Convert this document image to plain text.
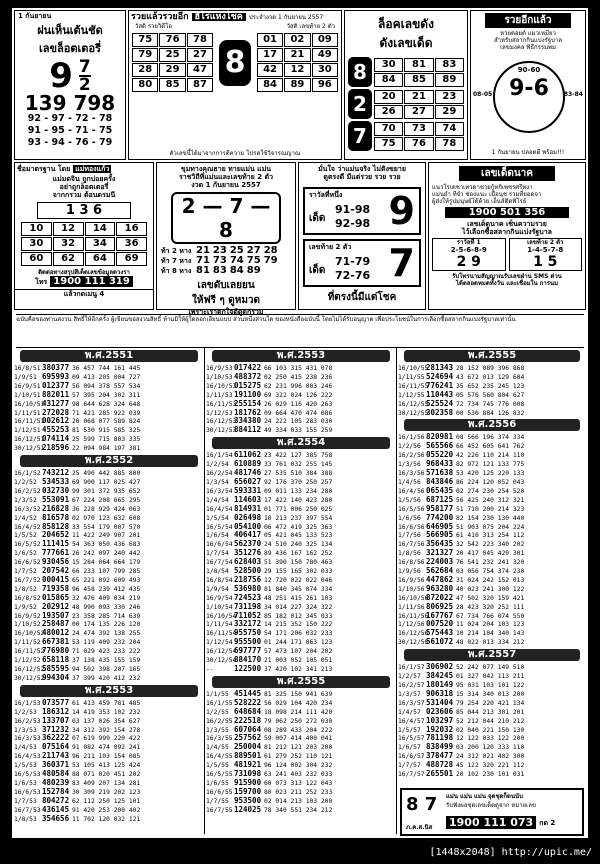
1 กันยายน
ฝนเห็นเต้นชัด
เลขล็อตเตอรี่
9 7
2
139 798
92 - 97 - 72 - 78
91 - 95 - 71 - 75
93 - 94 - 76 - 79
รวยแล้วรวยอีก ฮีโร่แห่งโชค	ประจำงวด 1 กันยายน 2557
วัสดิ รวยวิดีโอ	วัสดิ เลขท้าย 2 ตัว
75	76	78
79	25	27
28	29	47
80	85	87
8
01	02	09
17	21	49
42	12	30
84	89	96
ตัวเลขนี้ได้มาจากการตีความ โปรดใช้วิจารณญาณ
ล็อคเลขดัง
ดังเลขเด็ด
8	30	81	83
84	85	89
2	20	21	23
26	27	29
7	70	73	74
75	76	78
รวยอีกแล้ว
หวยดอยต์ แมวเหมียว
สำหรับสลากกินแบ่งรัฐบาล
เลขมงคล พิธีกรรมพม
90-60
9-6
08-05	83-84
1 กันยายน ปลอดดี พร้อม!!!
ชื่อมาตรฐาน โดย แม่ทองแก้ว
แม่มดจิน ถูกบ่อยครั้ง
อย่าถูกล็อตเตอรี่
จากกรวม ต้อนดรมนี
1 3 6
10	12	14	16
30	32	34	36
60	62	64	69
ติดต่อทางสรุปสีเด็ดเลขข้อมูลดวงรา
โทร 1900 111 319
แล้วกดเมนู 4
ขุมทางคุณธาย ทายแม่น แม่น
ราชวิถีที่แม่นและเลขท้าย 2 ตัว
งวด 1 กันยายน 2557
2 — 7 — 8
ท้า 2 หาง 21 23 25 27 28
ท้า 7 หาง 71 73 74 75 79
ท้า 8 หาง 81 83 84 89
เลขดับเลยยน
ให้ฟรี ๆ ดูหมวด
เพราะเราตกใจดีดูดกรวม
มั่นใจ ว่าแม่นจริง ไม่ติงขยาย
ดูตรงดี มีแต่รวย รวย รวย
ราวัลที่หนึ่ง
เด็ด
91-98
92-98 9
เลขท้าย 2 ตัว
เด็ด
71-79
72-76 7
ที่ตรงนี้มีแต่โชค
เลขเด็ดนาค
แนวโรเดชาเทวดาชวยกู้ทกิเพชรศรีทงา
แม่นยำ ทีจำ ช่องแนะ เมือนุช รวมที่ยอดจา
ผู้ส่งให้รูปมนุษย์ได้ด้วย เอ็นส์ติดพิโรย์
1900 501 356
เลขเด็ดนาค เซ็นความรวย
ไว้เลือกซื้อสลากกินแบ่งรัฐบาล
ราวัลที่ 1
2-5-6-8-9
2 9
เลขท้าย 2 ตัว
1-4-5-7-8
1 5
รับโทรนามสัญญาณรับเลขฝ่าน SMS ด่วน
ได้ตลอดหมดทั้งวัน และเชื่อมใน การนม
ฉบับคือของท่านสงวน สิทธิ์ให้อีกครั้ง ผู้เขียนขอสงวนสิทธิ์ ห้ามมิให้ผู้ใดลอกเลียนแบบ ส่วนหนึ่งส่วนใด ของหนังสือฉบับนี้ โดยไม่ได้รับอนุญาต เพื่อประโยชน์ในการเลือกซื้อสลากกินแบ่งรัฐบาลเท่านั้น
พ.ศ.2551
16/8/51380377 36 457 744 161 445
1/9/51 695993 09 413 205 004 727
16/9/51012377 56 094 378 557 534
1/10/51882011 57 395 204 302 311
16/10/51431277 98 644 628 324 648
1/11/51272028 71 421 285 922 039
16/11/51002612 20 068 077 589 824
1/12/51455253 81 530 915 585 325
16/12/51074114 25 599 715 803 335
30/12/51218596 22 094 984 197 381
พ.ศ.2552
16/1/52743212 25 490 442 885 800
1/2/52 534533 69 900 117 025 427
16/2/52032730 99 301 372 935 652
1/3/52 553091 67 224 208 665 295
16/3/52216828 36 228 929 424 063
1/4/52 816578 02 970 123 632 608
16/4/52858128 33 554 179 007 570
1/5/52 204652 11 422 249 907 201
16/5/52111415 54 363 050 436 683
1/6/52 777661 26 242 097 240 442
16/6/52930456 15 284 064 664 179
1/7/52 207542 66 233 107 799 285
16/7/52000415 65 221 092 609 493
1/8/52 719358 96 458 239 412 435
16/8/52015865 32 476 409 034 219
1/9/52 202912 48 990 093 330 246
16/9/52193507 23 358 285 714 639
1/10/52258487 00 174 135 226 120
16/10/52480012 24 474 392 138 255
1/11/52667381 53 119 409 232 204
16/11/52776980 71 029 423 233 222
1/12/52658118 37 138 435 155 159
16/12/52585595 94 502 398 207 165
30/12/52994304 37 399 420 412 232
พ.ศ.2553
16/1/53073577 61 413 459 781 485
1/2/53 186312 14 419 353 102 232
16/2/53133707 03 137 026 354 627
1/3/53 371232 34 312 392 154 278
16/3/53362222 07 619 999 220 422
1/4/53 075164 91 082 474 092 241
16/4/53211743 96 211 103 154 085
1/5/53 360371 53 105 413 125 424
16/5/53480584 88 071 020 451 202
1/6/53 480239 83 409 207 134 281
16/6/53152784 30 309 219 202 123
1/7/53 804272 62 112 250 125 101
16/7/53436145 91 420 253 200 402
1/8/53 354656 11 702 120 032 121
พ.ศ.2553
16/9/53017422 66 103 315 431 078
1/10/53488372 02 250 415 238 236
16/10/53015275 62 231 996 003 246
1/11/53191100 69 322 024 126 222
16/11/53255154 26 029 116 420 263
1/12/53181762 09 664 470 474 086
16/12/53334380 24 222 105 283 030
30/12/53884112 49 334 033 155 259
พ.ศ.2554
16/1/54611062 23 422 127 385 758
1/2/54 610889 33 761 032 255 145
16/2/54481746 27 535 510 384 388
1/3/54 656027 92 176 370 250 257
16/3/54593331 09 011 133 234 280
1/4/54 114603 17 422 140 423 280
16/4/54814931 01 771 006 250 025
1/5/54 026498 10 213 237 397 554
16/5/54054100 06 472 419 325 363
1/6/54 406417 05 421 045 133 523
16/6/54562370 24 510 240 325 134
1/7/54 351276 89 436 167 162 252
16/7/54628403 51 390 150 780 463
1/8/54 528500 29 155 165 302 033
16/8/54218756 12 720 022 022 046
1/9/54 536980 81 840 345 074 334
16/9/54724523 48 251 415 261 103
1/10/54731198 34 014 227 324 322
16/10/54711052 85 182 012 345 033
1/11/54332172 14 215 352 150 222
16/11/54955750 54 171 206 032 233
1/12/54955500 01 244 171 063 123
16/12/54697777 57 473 107 204 202
30/12/54884170 21 003 052 105 051
--	122500 37 420 102 341 213
พ.ศ.2555
1/1/55 451445 81 325 150 941 639
16/1/55528222 56 029 104 420 234
1/2/55 648684 18 098 214 111 420
16/2/55222518 79 062 250 272 030
1/3/55 607064 08 289 433 204 222
16/3/55257562 59 007 414 400 041
1/4/55 250004 81 212 121 203 200
16/4/55889501 61 279 252 110 121
1/5/55 481921 96 124 002 304 232
16/5/55731098 63 241 403 232 033
1/6/55 915900 60 073 313 122 043
16/6/55159700 80 023 211 252 233
1/7/55 953500 02 014 213 103 200
16/7/55124025 78 340 551 234 212
พ.ศ.2555
16/10/55281343 28 152 089 396 868
1/11/55524694 43 672 013 129 604
16/11/55776241 35 652 235 245 123
1/12/55110443 05 576 560 804 627
16/12/55525524 72 734 745 776 008
30/12/55302358 00 530 884 126 832
พ.ศ.2556
16/1/56820981 08 566 196 374 334
1/2/56 565566 66 452 605 641 762
16/2/56055220 42 226 110 214 110
1/3/56 968433 82 972 121 133 775
16/3/56571638 53 420 125 220 133
1/4/56 843846 86 224 120 052 043
16/4/56065435 02 274 230 254 520
1/5/56 687125 56 425 240 312 321
16/5/56958177 51 710 200 214 323
1/6/56 774200 82 154 230 130 440
16/6/56646905 51 903 075 204 224
1/7/56 566905 61 410 313 254 112
16/7/56356435 32 542 223 340 202
1/8/56 321327 20 417 045 420 301
16/8/56224003 76 541 232 241 320
1/9/56 562684 03 056 754 374 230
16/9/56447862 31 024 242 152 013
1/10/56963280 40 023 241 300 122
16/10/56872022 47 502 320 159 421
1/11/56806925 28 423 320 252 111
16/11/56167767 67 734 766 074 550
1/12/56007520 11 024 204 103 123
16/12/56575443 10 214 104 340 143
30/12/56561072 48 022 013 334 212
พ.ศ.2557
16/1/57306902 52 242 077 149 510
1/2/57 384245 01 327 042 113 211
16/2/57180149 95 031 103 101 122
1/3/57 906318 15 314 340 013 200
16/3/57531404 79 254 220 421 134
1/4/57 023606 85 044 213 301 201
16/4/57103297 52 212 044 210 212
1/5/57 192032 02 040 221 150 130
16/5/57781198 12 122 033 122 200
1/6/57 838499 03 200 120 333 110
16/6/57378477 24 312 021 402 300
1/7/57 488728 45 122 320 221 112
16/7/57265501 20 102 230 101 031
8 7 แม่น แม่น แม่น จุดชุดก็ตนนับ
รับฟังผลชุดเลขเด็ดดูจาก หมายเลข
ภ.ค.ส.นิส 1900 111 073 กด 2
[1448x2048] http://upic.me/
